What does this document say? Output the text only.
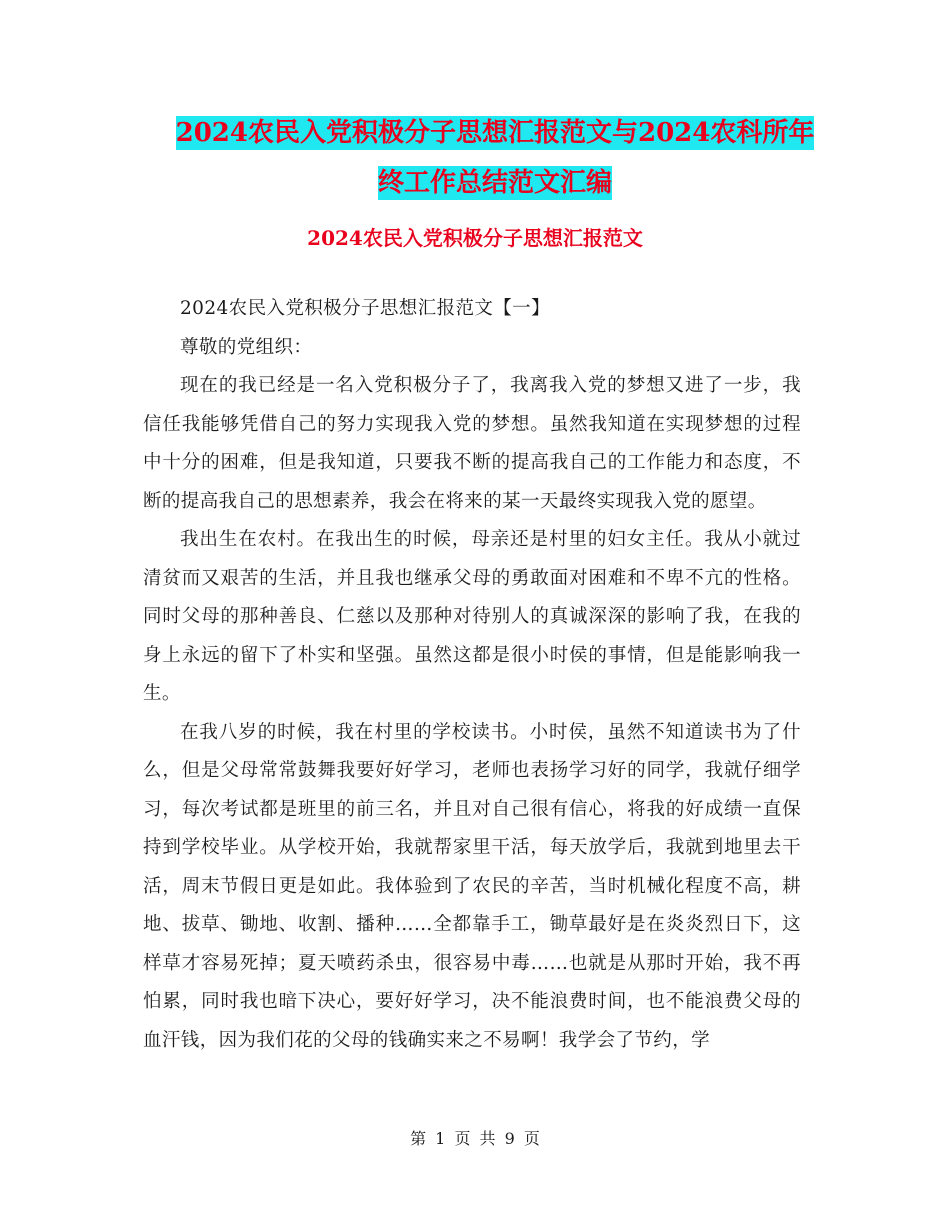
2024农民入党积极分子思想汇报范文与2024农科所年
终工作总结范文汇编
2024农民入党积极分子思想汇报范文

2024农民入党积极分子思想汇报范文【一】

尊敬的党组织：

现在的我已经是一名入党积极分子了，我离我入党的梦想又进了一步，我信任我能够凭借自己的努力实现我入党的梦想。虽然我知道在实现梦想的过程中十分的困难，但是我知道，只要我不断的提高我自己的工作能力和态度，不断的提高我自己的思想素养，我会在将来的某一天最终实现我入党的愿望。

我出生在农村。在我出生的时候，母亲还是村里的妇女主任。我从小就过清贫而又艰苦的生活，并且我也继承父母的勇敢面对困难和不卑不亢的性格。同时父母的那种善良、仁慈以及那种对待别人的真诚深深的影响了我，在我的身上永远的留下了朴实和坚强。虽然这都是很小时侯的事情，但是能影响我一生。

在我八岁的时候，我在村里的学校读书。小时侯，虽然不知道读书为了什么，但是父母常常鼓舞我要好好学习，老师也表扬学习好的同学，我就仔细学习，每次考试都是班里的前三名，并且对自己很有信心，将我的好成绩一直保持到学校毕业。从学校开始，我就帮家里干活，每天放学后，我就到地里去干活，周末节假日更是如此。我体验到了农民的辛苦，当时机械化程度不高，耕地、拔草、锄地、收割、播种……全都靠手工，锄草最好是在炎炎烈日下，这样草才容易死掉；夏天喷药杀虫，很容易中毒……也就是从那时开始，我不再怕累，同时我也暗下决心，要好好学习，决不能浪费时间，也不能浪费父母的血汗钱，因为我们花的父母的钱确实来之不易啊！我学会了节约，学

第 1 页 共 9 页
